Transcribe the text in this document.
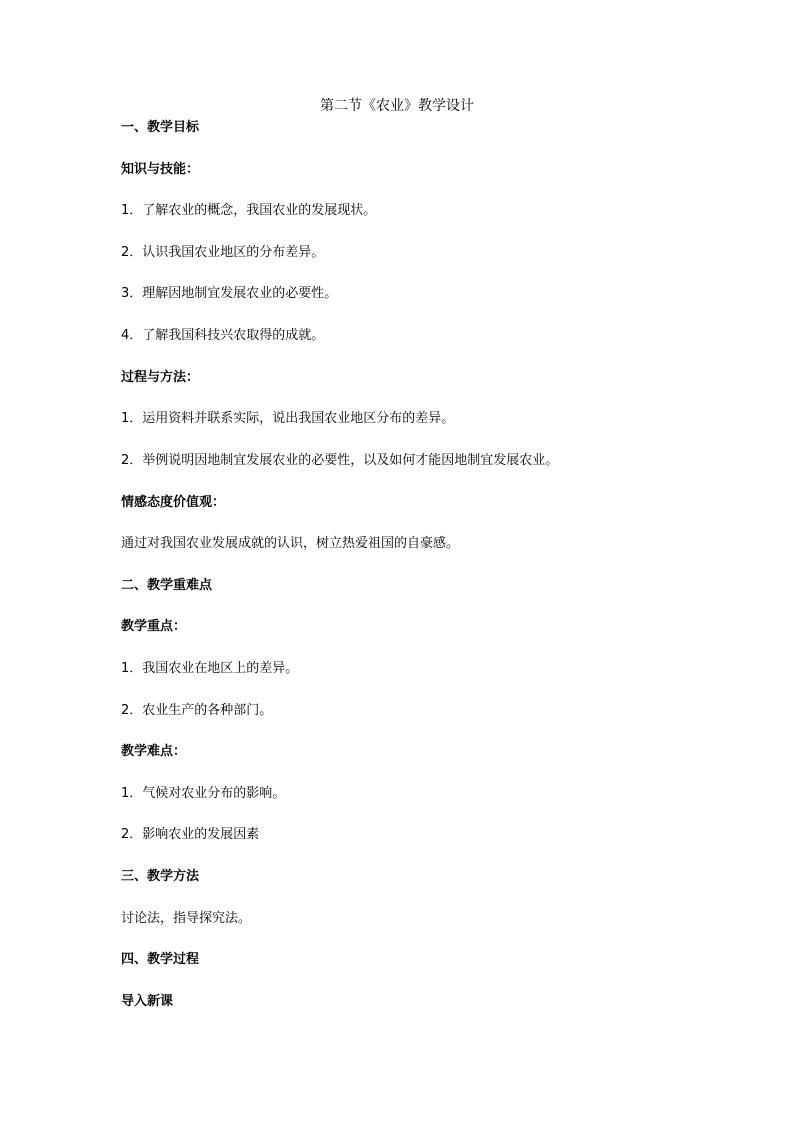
第二节《农业》教学设计
一、教学目标
知识与技能：
1．了解农业的概念，我国农业的发展现状。
2．认识我国农业地区的分布差异。
3．理解因地制宜发展农业的必要性。
4．了解我国科技兴农取得的成就。
过程与方法：
1．运用资料并联系实际，说出我国农业地区分布的差异。
2．举例说明因地制宜发展农业的必要性，以及如何才能因地制宜发展农业。
情感态度价值观：
通过对我国农业发展成就的认识，树立热爱祖国的自豪感。
二、教学重难点
教学重点：
1．我国农业在地区上的差异。
2．农业生产的各种部门。
教学难点：
1．气候对农业分布的影响。
2．影响农业的发展因素
三、教学方法
讨论法，指导探究法。
四、教学过程
导入新课
